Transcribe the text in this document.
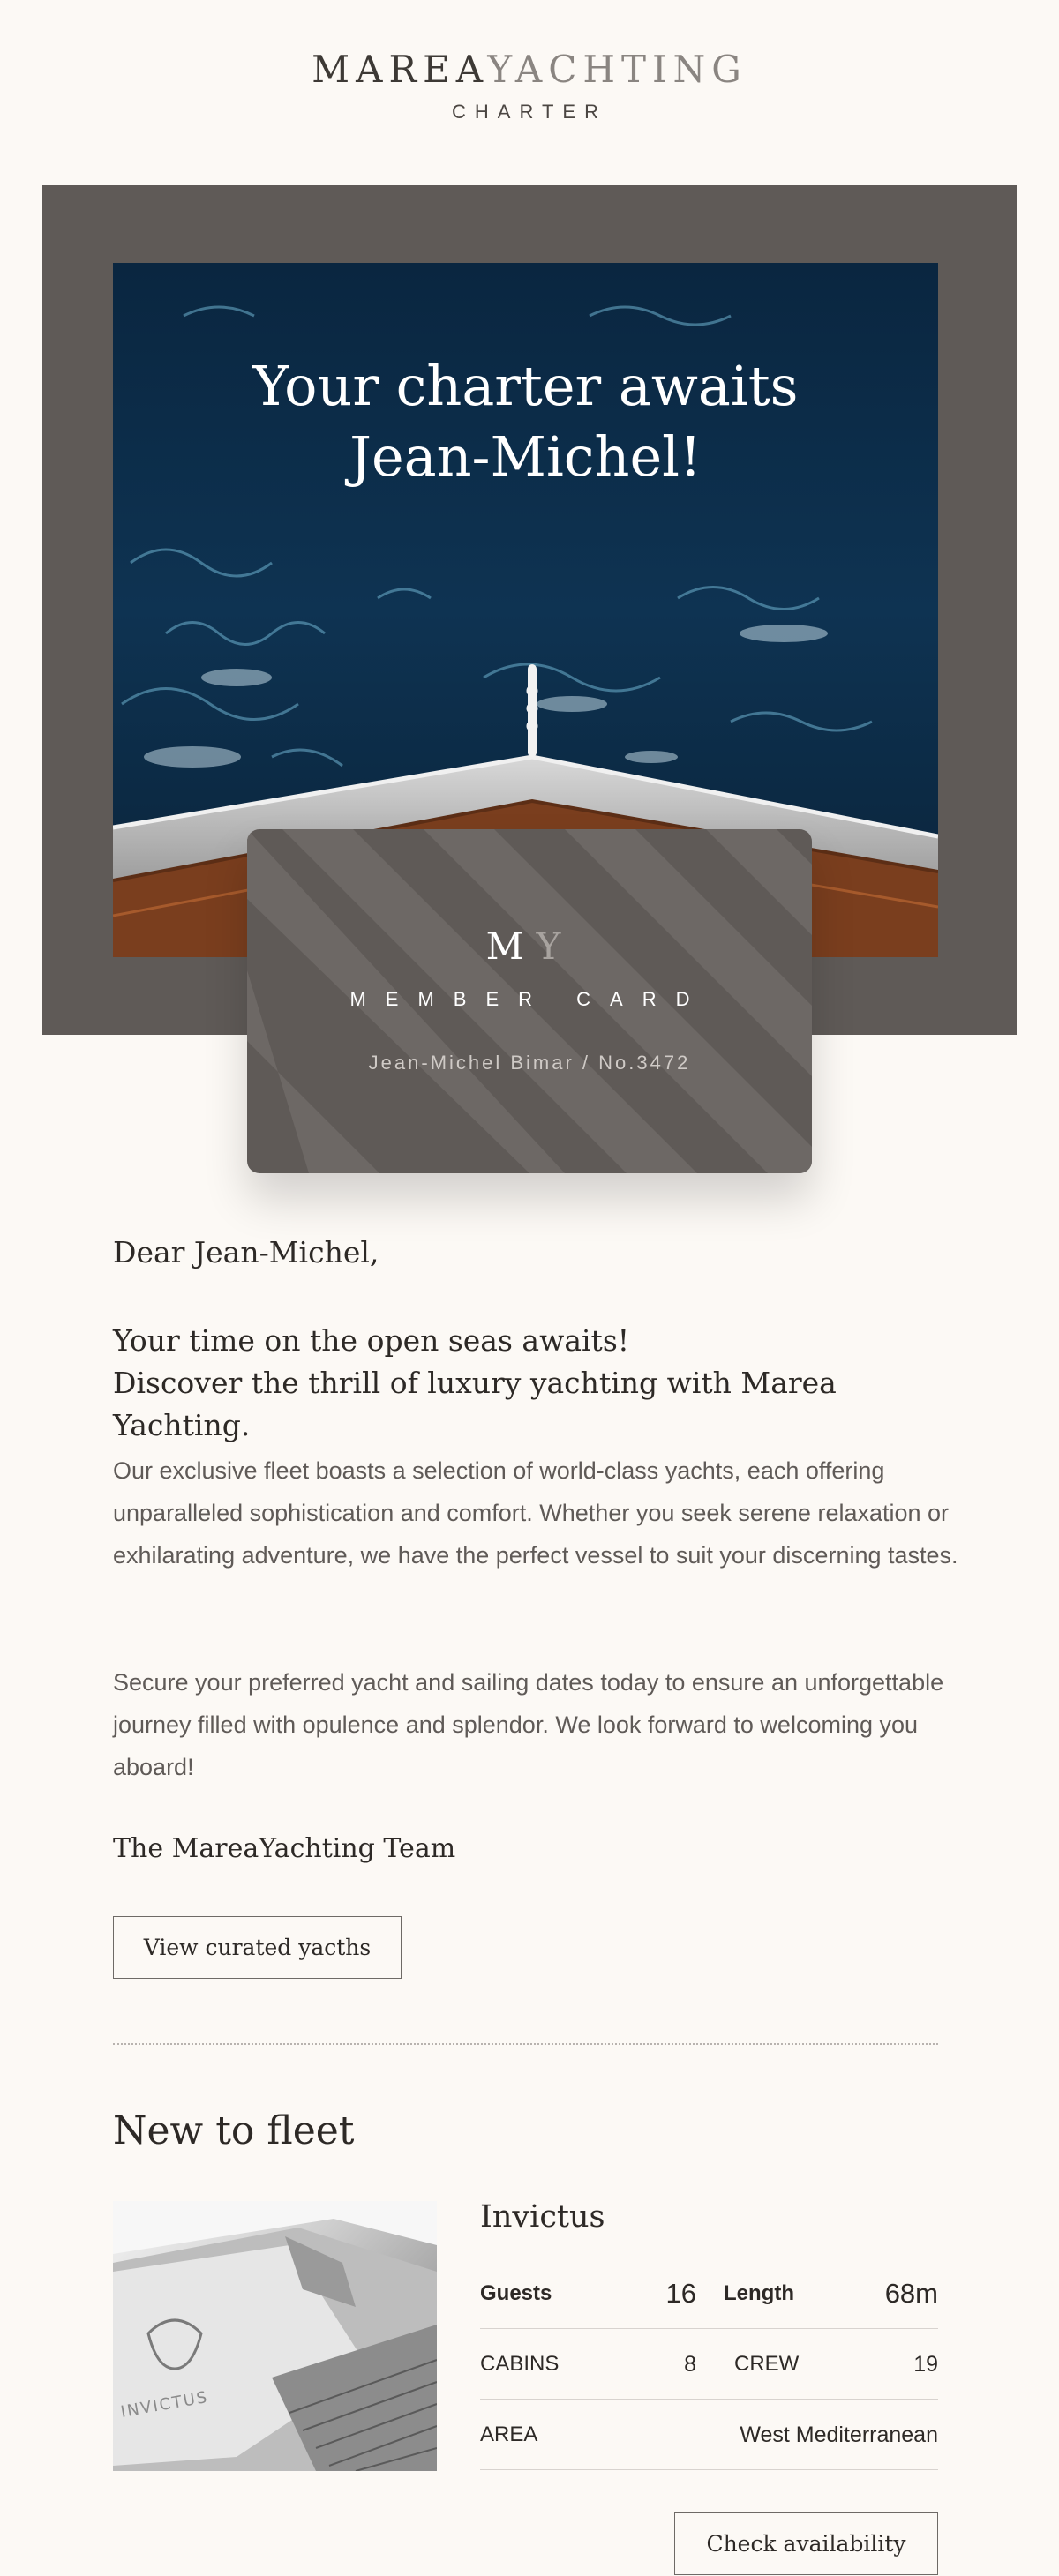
MAREAYACHTING
CHARTER
Your charter awaits
Jean-Michel!
MY
MEMBER CARD
Jean-Michel Bimar / No.3472
Dear Jean-Michel,
Your time on the open seas awaits!
Discover the thrill of luxury yachting with Marea Yachting.
Our exclusive fleet boasts a selection of world-class yachts, each offering unparalleled sophistication and comfort. Whether you seek serene relaxation or exhilarating adventure, we have the perfect vessel to suit your discerning tastes.
Secure your preferred yacht and sailing dates today to ensure an unforgettable journey filled with opulence and splendor. We look forward to welcoming you aboard!
The MareaYachting Team
View curated yacths
New to fleet
INVICTUS
Invictus
Guests	16 Length	68m
CABINS	8 CREW	19
AREA	West Mediterranean
Check availability
